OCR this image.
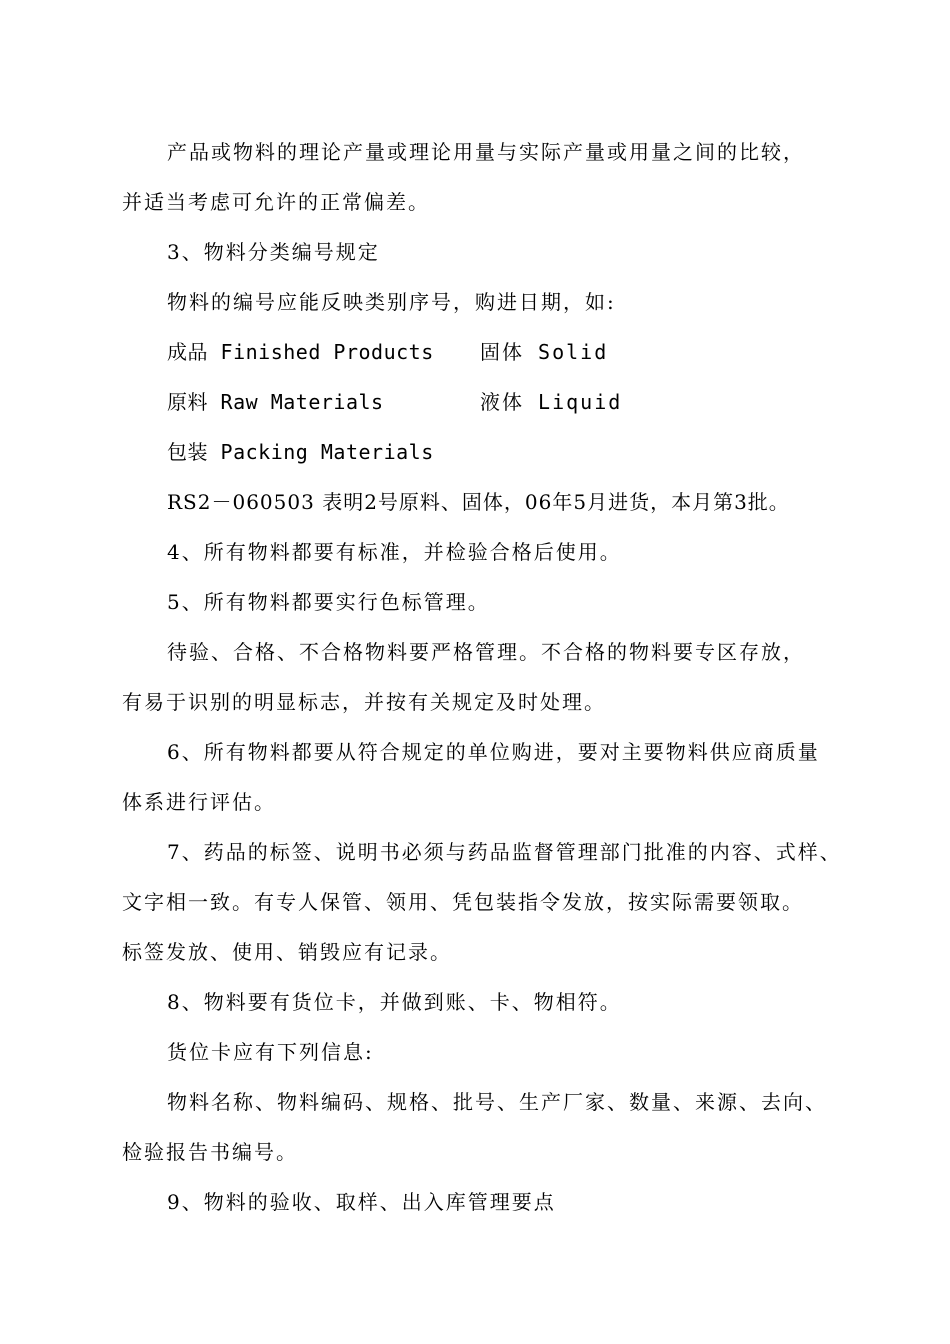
产品或物料的理论产量或理论用量与实际产量或用量之间的比较，
并适当考虑可允许的正常偏差。
3、物料分类编号规定
物料的编号应能反映类别序号，购进日期，如:
成品 Finished Products 固体 Solid
原料 Raw Materials	液体 Liquid
包装 Packing Materials
RS2－060503 表明2号原料、固体，06年5月进货，本月第3批。
4、所有物料都要有标准，并检验合格后使用。
5、所有物料都要实行色标管理。
待验、合格、不合格物料要严格管理。不合格的物料要专区存放，
有易于识别的明显标志，并按有关规定及时处理。
6、所有物料都要从符合规定的单位购进，要对主要物料供应商质量
体系进行评估。
7、药品的标签、说明书必须与药品监督管理部门批准的内容、式样、
文字相一致。有专人保管、领用、凭包装指令发放，按实际需要领取。
标签发放、使用、销毁应有记录。
8、物料要有货位卡，并做到账、卡、物相符。
货位卡应有下列信息:
物料名称、物料编码、规格、批号、生产厂家、数量、来源、去向、
检验报告书编号。
9、物料的验收、取样、出入库管理要点
